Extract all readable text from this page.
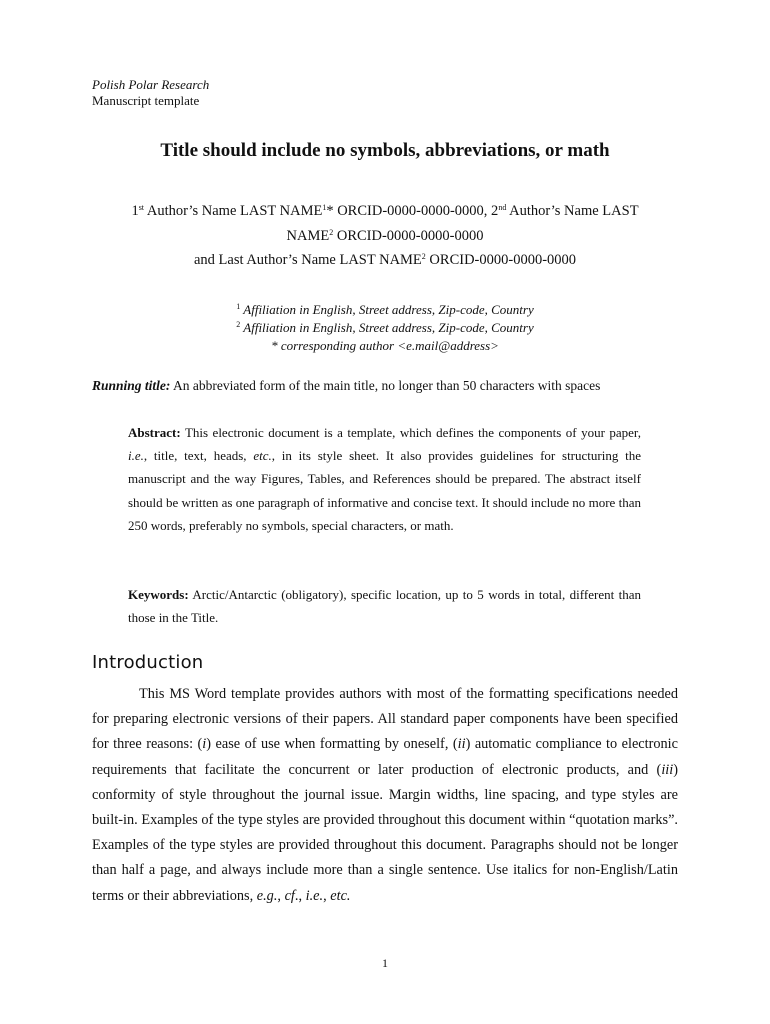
Polish Polar Research
Manuscript template
Title should include no symbols, abbreviations, or math
1st Author’s Name LAST NAME$^1$* ORCID-0000-0000-0000, 2nd Author’s Name LAST
NAME$^2$ ORCID-0000-0000-0000
and Last Author’s Name LAST NAME$^2$ ORCID-0000-0000-0000
$^1$ Affiliation in English, Street address, Zip-code, Country
$^2$ Affiliation in English, Street address, Zip-code, Country
* corresponding author <e.mail@address>
Running title: An abbreviated form of the main title, no longer than 50 characters with spaces
Abstract: This electronic document is a template, which defines the components of your paper, i.e., title, text, heads, etc., in its style sheet. It also provides guidelines for structuring the manuscript and the way Figures, Tables, and References should be prepared. The abstract itself should be written as one paragraph of informative and concise text. It should include no more than 250 words, preferably no symbols, special characters, or math.
Keywords: Arctic/Antarctic (obligatory), specific location, up to 5 words in total, different than those in the Title.
Introduction
This MS Word template provides authors with most of the formatting specifications needed for preparing electronic versions of their papers. All standard paper components have been specified for three reasons: (i) ease of use when formatting by oneself, (ii) automatic compliance to electronic requirements that facilitate the concurrent or later production of electronic products, and (iii) conformity of style throughout the journal issue. Margin widths, line spacing, and type styles are built-in. Examples of the type styles are provided throughout this document within “quotation marks”. Examples of the type styles are provided throughout this document. Paragraphs should not be longer than half a page, and always include more than a single sentence. Use italics for non-English/Latin terms or their abbreviations, e.g., cf., i.e., etc.
1
